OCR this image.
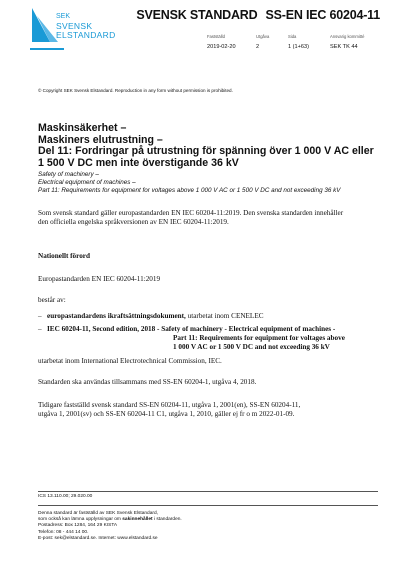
SEK
SVENSK
ELSTANDARD
SVENSK STANDARD SS-EN IEC 60204-11
Fastställd
2019-02-20
Utgåva
2
Sida
1 (1+63)
Ansvarig kommitté
SEK TK 44
© Copyright SEK Svensk Elstandard. Reproduction in any form without permission is prohibited.

Maskinsäkerhet –

Maskiners elutrustning –

Del 11: Fordringar på utrustning för spänning över 1 000 V AC eller

1 500 V DC men inte överstigande 36 kV

Safety of machinery –

Electrical equipment of machines –

Part 11: Requirements for equipment for voltages above 1 000 V AC or 1 500 V DC and not exceeding 36 kV

Som svensk standard gäller europastandarden EN IEC 60204-11:2019. Den svenska standarden innehåller
den officiella engelska språkversionen av EN IEC 60204-11:2019.
Nationellt förord
Europastandarden EN IEC 60204-11:2019
består av:
– europastandardens ikraftsättningsdokument, utarbetat inom CENELEC
– IEC 60204-11, Second edition, 2018 - Safety of machinery - Electrical equipment of machines -
Part 11: Requirements for equipment for voltages above
1 000 V AC or 1 500 V DC and not exceeding 36 kV
utarbetat inom International Electrotechnical Commission, IEC.
Standarden ska användas tillsammans med SS-EN 60204-1, utgåva 4, 2018.
Tidigare fastställd svensk standard SS-EN 60204-11, utgåva 1, 2001(en), SS-EN 60204-11,
utgåva 1, 2001(sv) och SS-EN 60204-11 C1, utgåva 1, 2010, gäller ej fr o m 2022-01-09.
ICS 13.110.00; 29.020.00
Denna standard är fastställd av SEK Svensk Elstandard,
som också kan lämna upplysningar om sakinnehållet i standarden.
Postadress: Box 1284, 164 29 KISTA
Telefon: 08 - 444 14 00.
E-post: sek@elstandard.se. Internet: www.elstandard.se
